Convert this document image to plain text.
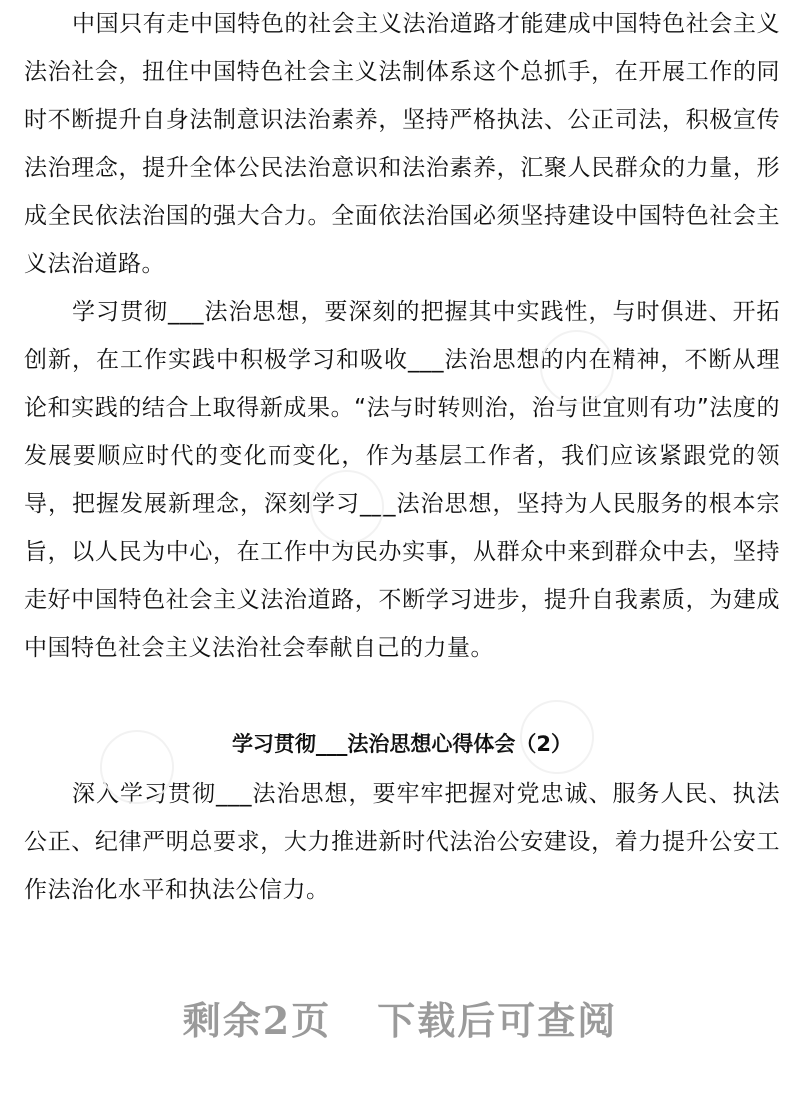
中国只有走中国特色的社会主义法治道路才能建成中国特色社会主义法治社会，扭住中国特色社会主义法制体系这个总抓手，在开展工作的同时不断提升自身法制意识法治素养，坚持严格执法、公正司法，积极宣传法治理念，提升全体公民法治意识和法治素养，汇聚人民群众的力量，形成全民依法治国的强大合力。全面依法治国必须坚持建设中国特色社会主义法治道路。

学习贯彻___法治思想，要深刻的把握其中实践性，与时俱进、开拓创新，在工作实践中积极学习和吸收___法治思想的内在精神，不断从理论和实践的结合上取得新成果。“法与时转则治，治与世宜则有功”法度的发展要顺应时代的变化而变化，作为基层工作者，我们应该紧跟党的领导，把握发展新理念，深刻学习___法治思想，坚持为人民服务的根本宗旨，以人民为中心，在工作中为民办实事，从群众中来到群众中去，坚持走好中国特色社会主义法治道路，不断学习进步，提升自我素质，为建成中国特色社会主义法治社会奉献自己的力量。

学习贯彻___法治思想心得体会（2）

深入学习贯彻___法治思想，要牢牢把握对党忠诚、服务人民、执法公正、纪律严明总要求，大力推进新时代法治公安建设，着力提升公安工作法治化水平和执法公信力。

剩余2页 下载后可查阅
